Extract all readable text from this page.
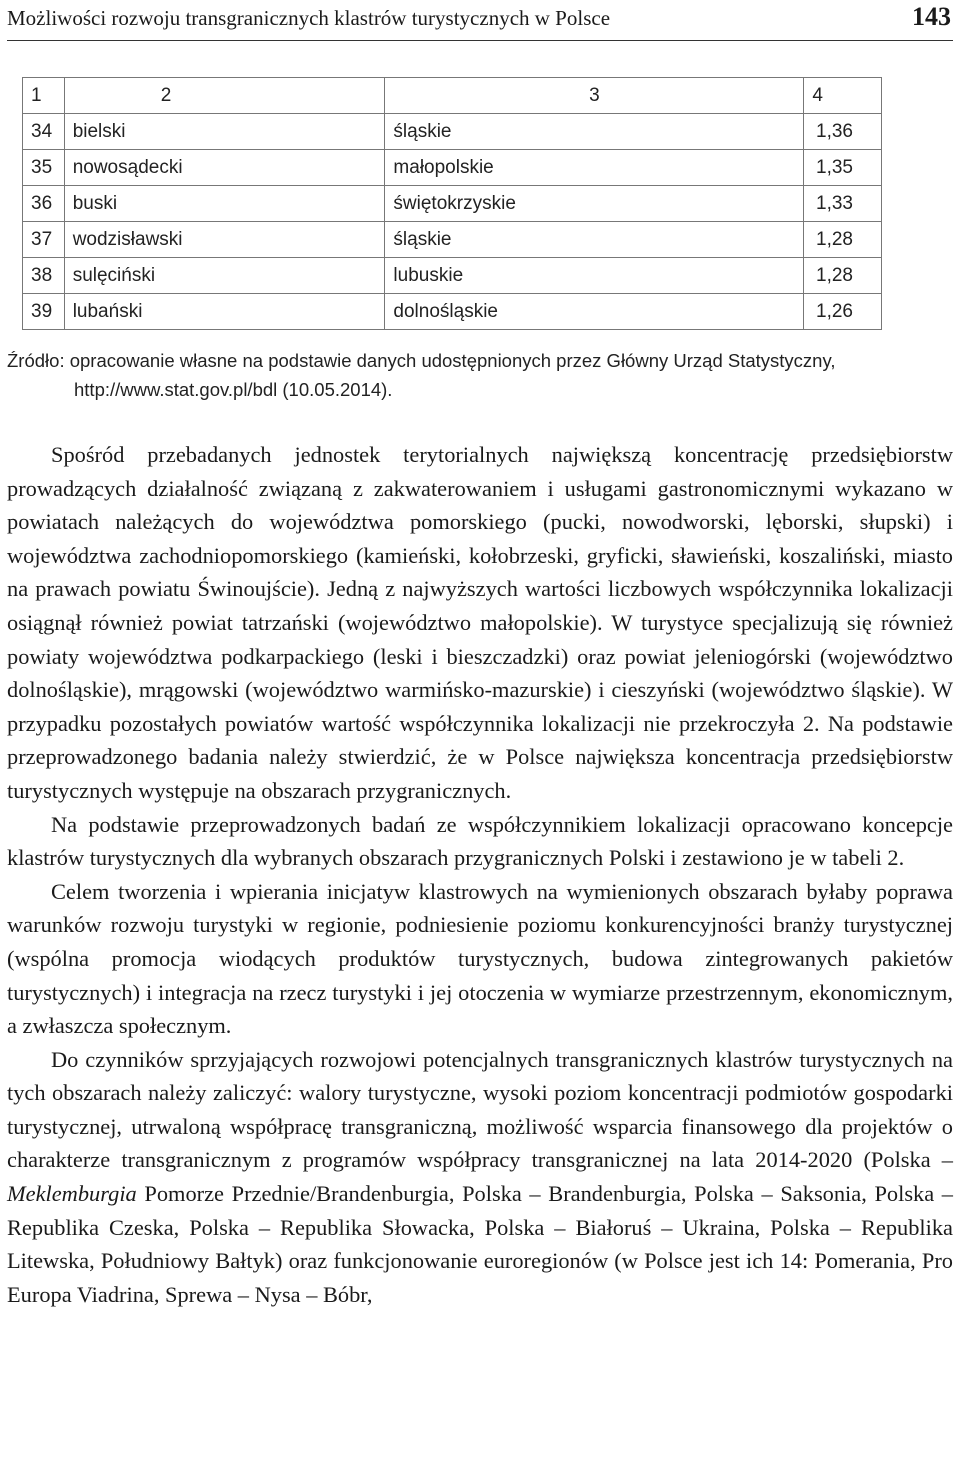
Możliwości rozwoju transgranicznych klastrów turystycznych w Polsce	143
1	2	3	4
34	bielski	śląskie	1,36
35	nowosądecki	małopolskie	1,35
36	buski	świętokrzyskie	1,33
37	wodzisławski	śląskie	1,28
38	sulęciński	lubuskie	1,28
39	lubański	dolnośląskie	1,26
Źródło: opracowanie własne na podstawie danych udostępnionych przez Główny Urząd Statystyczny, http://www.stat.gov.pl/bdl (10.05.2014).

Spośród przebadanych jednostek terytorialnych największą koncentrację przedsiębiorstw prowadzących działalność związaną z zakwaterowaniem i usługami gastronomicznymi wykazano w powiatach należących do województwa pomorskiego (pucki, nowodworski, lęborski, słupski) i województwa zachodniopomorskiego (kamieński, kołobrzeski, gryficki, sławieński, koszaliński, miasto na prawach powiatu Świnoujście). Jedną z najwyższych wartości liczbowych współczynnika lokalizacji osiągnął również powiat tatrzański (województwo małopolskie). W turystyce specjalizują się również powiaty województwa podkarpackiego (leski i bieszczadzki) oraz powiat jeleniogórski (województwo dolnośląskie), mrągowski (województwo warmińsko-mazurskie) i cieszyński (województwo śląskie). W przypadku pozostałych powiatów wartość współczynnika lokalizacji nie przekroczyła 2. Na podstawie przeprowadzonego badania należy stwierdzić, że w Polsce największa koncentracja przedsiębiorstw turystycznych występuje na obszarach przygranicznych.

Na podstawie przeprowadzonych badań ze współczynnikiem lokalizacji opracowano koncepcje klastrów turystycznych dla wybranych obszarach przygranicznych Polski i zestawiono je w tabeli 2.

Celem tworzenia i wpierania inicjatyw klastrowych na wymienionych obszarach byłaby poprawa warunków rozwoju turystyki w regionie, podniesienie poziomu konkurencyjności branży turystycznej (wspólna promocja wiodących produktów turystycznych, budowa zintegrowanych pakietów turystycznych) i integracja na rzecz turystyki i jej otoczenia w wymiarze przestrzennym, ekonomicznym, a zwłaszcza społecznym.

Do czynników sprzyjających rozwojowi potencjalnych transgranicznych klastrów turystycznych na tych obszarach należy zaliczyć: walory turystyczne, wysoki poziom koncentracji podmiotów gospodarki turystycznej, utrwaloną współpracę transgraniczną, możliwość wsparcia finansowego dla projektów o charakterze transgranicznym z programów współpracy transgranicznej na lata 2014-2020 (Polska – Meklemburgia Pomorze Przednie/Brandenburgia, Polska – Brandenburgia, Polska – Saksonia, Polska – Republika Czeska, Polska – Republika Słowacka, Polska – Białoruś – Ukraina, Polska – Republika Litewska, Południowy Bałtyk) oraz funkcjonowanie euroregionów (w Polsce jest ich 14: Pomerania, Pro Europa Viadrina, Sprewa – Nysa – Bóbr,
